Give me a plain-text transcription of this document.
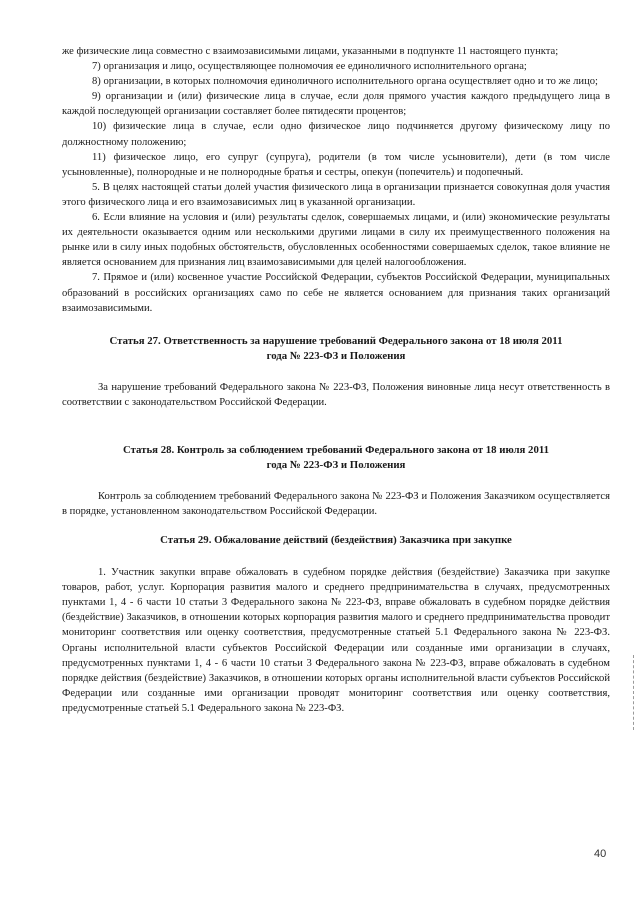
же физические лица совместно с взаимозависимыми лицами, указанными в подпункте 11 настоящего пункта;

7) организация и лицо, осуществляющее полномочия ее единоличного исполнительного органа;

8) организации, в которых полномочия единоличного исполнительного органа осуществляет одно и то же лицо;

9) организации и (или) физические лица в случае, если доля прямого участия каждого предыдущего лица в каждой последующей организации составляет более пятидесяти процентов;

10) физические лица в случае, если одно физическое лицо подчиняется другому физическому лицу по должностному положению;

11) физическое лицо, его супруг (супруга), родители (в том числе усыновители), дети (в том числе усыновленные), полнородные и не полнородные братья и сестры, опекун (попечитель) и подопечный.

5. В целях настоящей статьи долей участия физического лица в организации признается совокупная доля участия этого физического лица и его взаимозависимых лиц в указанной организации.

6. Если влияние на условия и (или) результаты сделок, совершаемых лицами, и (или) экономические результаты их деятельности оказывается одним или несколькими другими лицами в силу их преимущественного положения на рынке или в силу иных подобных обстоятельств, обусловленных особенностями совершаемых сделок, такое влияние не является основанием для признания лиц взаимозависимыми для целей налогообложения.

7. Прямое и (или) косвенное участие Российской Федерации, субъектов Российской Федерации, муниципальных образований в российских организациях само по себе не является основанием для признания таких организаций взаимозависимыми.

Статья 27. Ответственность за нарушение требований Федерального закона от 18 июля 2011
года № 223-ФЗ и Положения

За нарушение требований Федерального закона № 223-ФЗ, Положения виновные лица несут ответственность в соответствии с законодательством Российской Федерации.

Статья 28. Контроль за соблюдением требований Федерального закона от 18 июля 2011
года № 223-ФЗ и Положения

Контроль за соблюдением требований Федерального закона № 223-ФЗ и Положения Заказчиком осуществляется в порядке, установленном законодательством Российской Федерации.

Статья 29. Обжалование действий (бездействия) Заказчика при закупке

1. Участник закупки вправе обжаловать в судебном порядке действия (бездействие) Заказчика при закупке товаров, работ, услуг. Корпорация развития малого и среднего предпринимательства в случаях, предусмотренных пунктами 1, 4 - 6 части 10 статьи 3 Федерального закона № 223-ФЗ, вправе обжаловать в судебном порядке действия (бездействие) Заказчиков, в отношении которых корпорация развития малого и среднего предпринимательства проводит мониторинг соответствия или оценку соответствия, предусмотренные статьей 5.1 Федерального закона № 223-ФЗ. Органы исполнительной власти субъектов Российской Федерации или созданные ими организации в случаях, предусмотренных пунктами 1, 4 - 6 части 10 статьи 3 Федерального закона № 223-ФЗ, вправе обжаловать в судебном порядке действия (бездействие) Заказчиков, в отношении которых органы исполнительной власти субъектов Российской Федерации или созданные ими организации проводят мониторинг соответствия или оценку соответствия, предусмотренные статьей 5.1 Федерального закона № 223-ФЗ.

40
